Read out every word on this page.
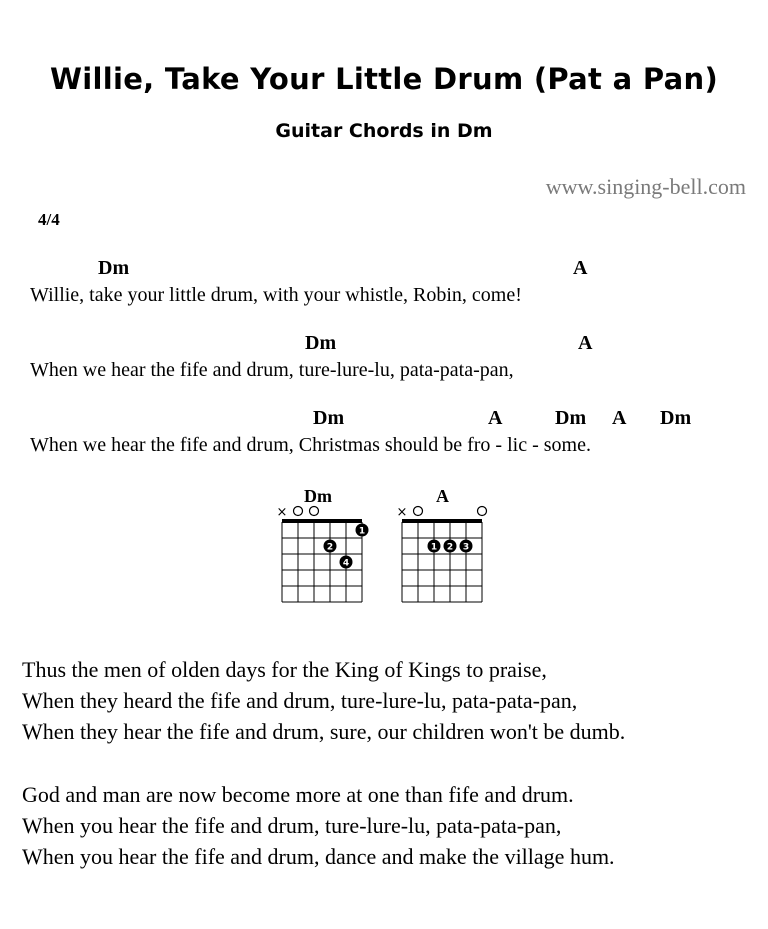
Willie, Take Your Little Drum (Pat a Pan)
Guitar Chords in Dm
www.singing-bell.com
4/4
Dm	A
Willie, take your little drum, with your whistle, Robin, come!
Dm	A
When we hear the fife and drum, ture-lure-lu, pata-pata-pan,
Dm	A	Dm A Dm
When we hear the fife and drum, Christmas should be fro - lic - some.
Dm	A
×
1
2
4
×
1 2 3
Thus the men of olden days for the King of Kings to praise,
When they heard the fife and drum, ture-lure-lu, pata-pata-pan,
When they hear the fife and drum, sure, our children won't be dumb.
God and man are now become more at one than fife and drum.
When you hear the fife and drum, ture-lure-lu, pata-pata-pan,
When you hear the fife and drum, dance and make the village hum.
